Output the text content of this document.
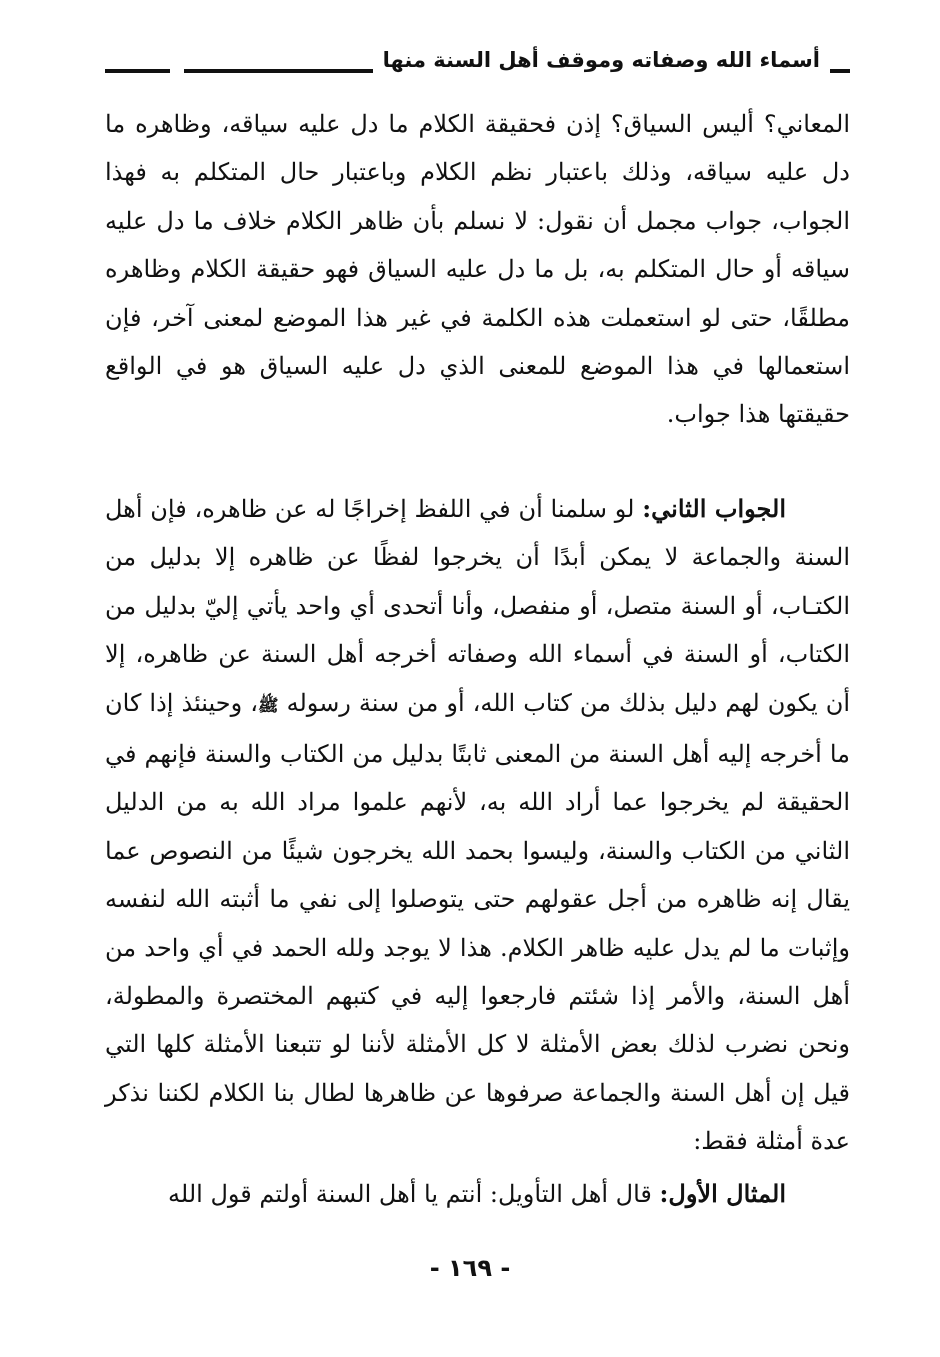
أسماء الله وصفاته وموقف أهل السنة منها

المعاني؟ أليس السياق؟ إذن فحقيقة الكلام ما دل عليه سياقه، وظاهره ما دل عليه سياقه، وذلك باعتبار نظم الكلام وباعتبار حال المتكلم به فهذا الجواب، جواب مجمل أن نقول: لا نسلم بأن ظاهر الكلام خلاف ما دل عليه سياقه أو حال المتكلم به، بل ما دل عليه السياق فهو حقيقة الكلام وظاهره مطلقًا، حتى لو استعملت هذه الكلمة في غير هذا الموضع لمعنى آخر، فإن استعمالها في هذا الموضع للمعنى الذي دل عليه السياق هو في الواقع حقيقتها هذا جواب.

الجواب الثاني: لو سلمنا أن في اللفظ إخراجًا له عن ظاهره، فإن أهل السنة والجماعة لا يمكن أبدًا أن يخرجوا لفظًا عن ظاهره إلا بدليل من الكتـاب، أو السنة متصل، أو منفصل، وأنا أتحدى أي واحد يأتي إليّ بدليل من الكتاب، أو السنة في أسماء الله وصفاته أخرجه أهل السنة عن ظاهره، إلا أن يكون لهم دليل بذلك من كتاب الله، أو من سنة رسوله ﷺ، وحينئذ إذا كان ما أخرجه إليه أهل السنة من المعنى ثابتًا بدليل من الكتاب والسنة فإنهم في الحقيقة لم يخرجوا عما أراد الله به، لأنهم علموا مراد الله به من الدليل الثاني من الكتاب والسنة، وليسوا بحمد الله يخرجون شيئًا من النصوص عما يقال إنه ظاهره من أجل عقولهم حتى يتوصلوا إلى نفي ما أثبته الله لنفسه وإثبات ما لم يدل عليه ظاهر الكلام. هذا لا يوجد ولله الحمد في أي واحد من أهل السنة، والأمر إذا شئتم فارجعوا إليه في كتبهم المختصرة والمطولة، ونحن نضرب لذلك بعض الأمثلة لا كل الأمثلة لأننا لو تتبعنا الأمثلة كلها التي قيل إن أهل السنة والجماعة صرفوها عن ظاهرها لطال بنا الكلام لكننا نذكر عدة أمثلة فقط:

المثال الأول: قال أهل التأويل: أنتم يا أهل السنة أولتم قول الله

- ١٦٩ -
